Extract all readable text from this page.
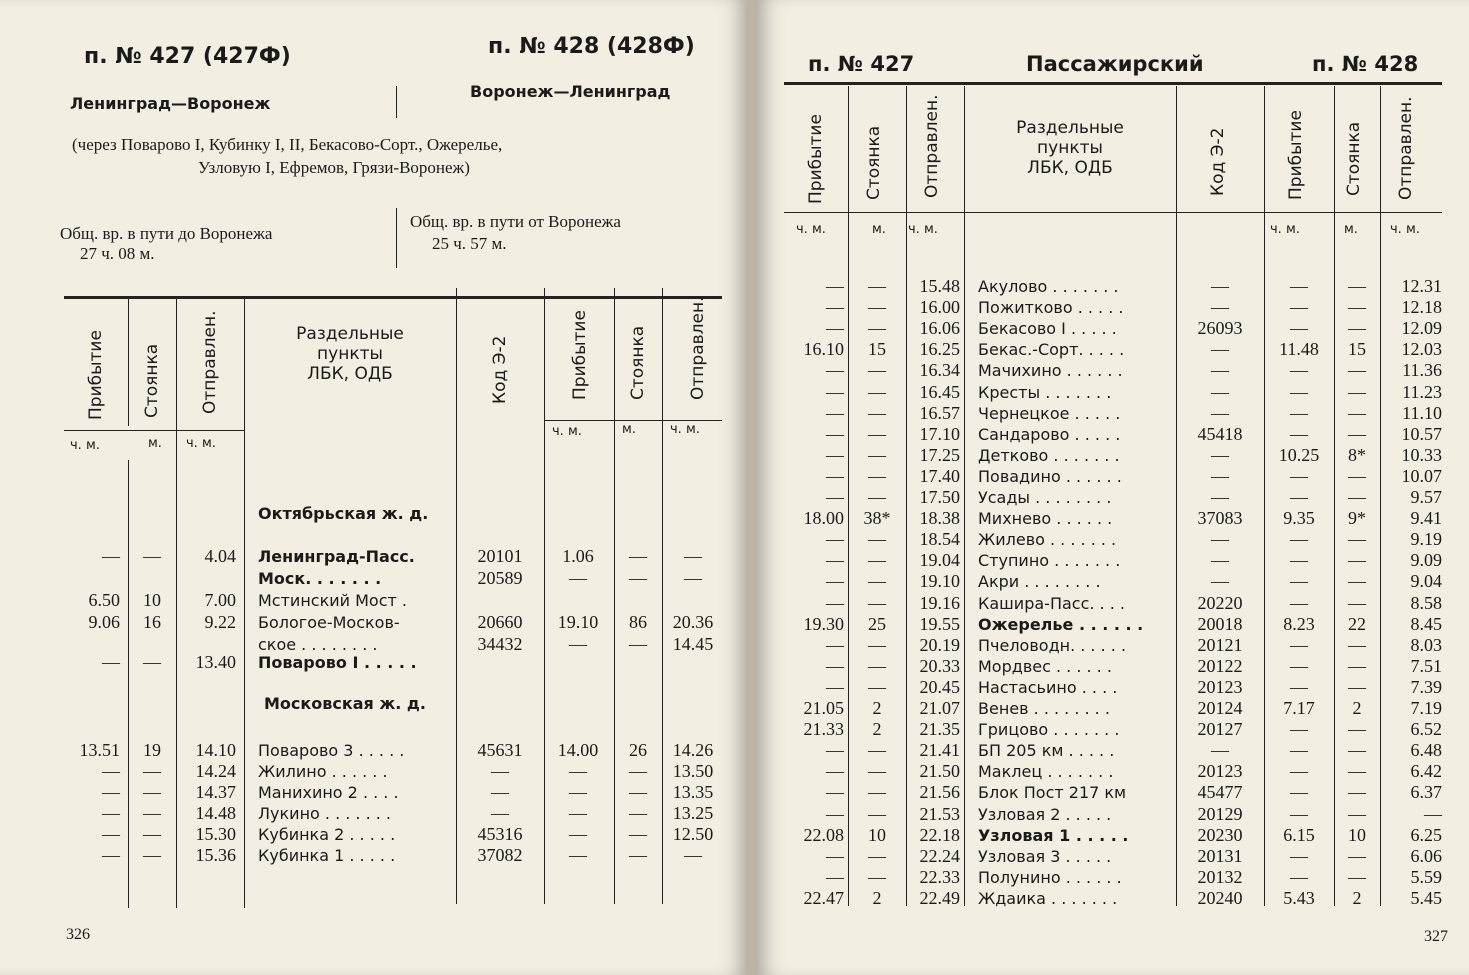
п. № 427 (427Ф)	п. № 428 (428Ф)
Ленинград—Воронеж
Воронеж—Ленинград
(через Поварово I, Кубинку I, II, Бекасово-Сорт., Ожерелье,
Узловую I, Ефремов, Грязи-Воронеж)
Общ. вр. в пути до Воронежа
27 ч. 08 м.
Общ. вр. в пути от Воронежа
25 ч. 57 м.
Прибытие Стоянка Отправлен.	Раздельные
пункты
ЛБК, ОДБ	Код Э-2	Прибытие Стоянка Отправлен.
ч. м.	м. ч. м.
ч. м.	м.	ч. м.
Октябрьская ж. д.
Московская ж. д.
—	—	4.04 Ленинград-Пасс.	20101	1.06	—	—
Моск. . . . . . .	20589	—	—	—
6.50	10	7.00 Мстинский Мост .
9.06	16	9.22 Бологое-Москов-	20660	19.10	86	20.36
ское . . . . . . . .	34432	—	—	14.45
—	—	13.40 Поварово I . . . . .
13.51	19	14.10 Поварово 3 . . . . .	45631	14.00	26	14.26
—	—	14.24 Жилино . . . . . .	—	—	—	13.50
—	—	14.37 Манихино 2 . . . .	—	—	—	13.35
—	—	14.48 Лукино . . . . . . .	—	—	—	13.25
—	—	15.30 Кубинка 2 . . . . .	45316	—	—	12.50
—	—	15.36 Кубинка 1 . . . . .	37082	—	—	—
326
п. № 427	Пассажирский	п. № 428
Прибытие Стоянка Отправлен.	Раздельные
пункты
ЛБК, ОДБ	Код Э-2	Прибытие Стоянка Отправлен.
ч. м.	м. ч. м.	ч. м.	м. ч. м.
—	—	15.48 Акулово . . . . . . .	—	—	—	12.31
—	—	16.00 Пожитково . . . . .	—	—	—	12.18
—	—	16.06 Бекасово I . . . . .	26093	—	—	12.09
16.10	15	16.25 Бекас.-Сорт. . . . .	—	11.48	15	12.03
—	—	16.34 Мачихино . . . . . .	—	—	—	11.36
—	—	16.45 Кресты . . . . . . .	—	—	—	11.23
—	—	16.57 Чернецкое . . . . .	—	—	—	11.10
—	—	17.10 Сандарово . . . . .	45418	—	—	10.57
—	—	17.25 Детково . . . . . . .	—	10.25	8*	10.33
—	—	17.40 Повадино . . . . . .	—	—	—	10.07
—	—	17.50 Усады . . . . . . . .	—	—	—	9.57
18.00	38*	18.38 Михнево . . . . . .	37083	9.35	9*	9.41
—	—	18.54 Жилево . . . . . . .	—	—	—	9.19
—	—	19.04 Ступино . . . . . . .	—	—	—	9.09
—	—	19.10 Акри . . . . . . . .	—	—	—	9.04
—	—	19.16 Кашира-Пасс. . . .	20220	—	—	8.58
19.30	25	19.55 Ожерелье . . . . . .	20018	8.23	22	8.45
—	—	20.19 Пчеловодн. . . . . .	20121	—	—	8.03
—	—	20.33 Мордвес . . . . . .	20122	—	—	7.51
—	—	20.45 Настасьино . . . .	20123	—	—	7.39
21.05	2	21.07 Венев . . . . . . . .	20124	7.17	2	7.19
21.33	2	21.35 Грицово . . . . . . .	20127	—	—	6.52
—	—	21.41 БП 205 км . . . . .	—	—	—	6.48
—	—	21.50 Маклец . . . . . . .	20123	—	—	6.42
—	—	21.56 Блок Пост 217 км	45477	—	—	6.37
—	—	21.53 Узловая 2 . . . . .	20129	—	—	—
22.08	10	22.18 Узловая 1 . . . . .	20230	6.15	10	6.25
—	—	22.24 Узловая 3 . . . . .	20131	—	—	6.06
—	—	22.33 Полунино . . . . . .	20132	—	—	5.59
22.47	2	22.49 Ждаика . . . . . . .	20240	5.43	2	5.45
327
